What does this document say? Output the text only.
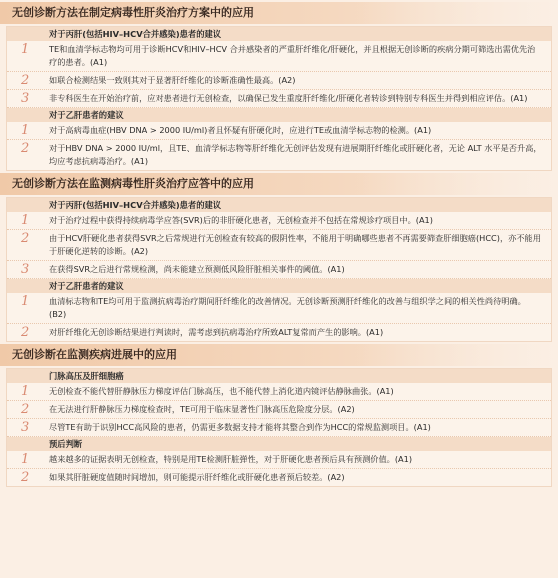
无创诊断方法在制定病毒性肝炎治疗方案中的应用
对于丙肝(包括HIV–HCV合并感染)患者的建议
1 TE和血清学标志物均可用于诊断HCV和HIV–HCV 合并感染者的严重肝纤维化/肝硬化，并且根据无创诊断的疾病分期可筛选出需优先治疗的患者。(A1)
2 如联合检测结果一致则其对于显著肝纤维化的诊断准确性最高。(A2)
3 非专科医生在开始治疗前，应对患者进行无创检查，以确保已发生重度肝纤维化/肝硬化者转诊到特别专科医生并得到相应评估。(A1)
对于乙肝患者的建议
1 对于高病毒血症(HBV DNA > 2000 IU/ml)者且怀疑有肝硬化时，应进行TE或血清学标志物的检测。(A1)
2 对于HBV DNA > 2000 IU/ml，且TE、血清学标志物等肝纤维化无创评估发现有进展期肝纤维化或肝硬化者，无论 ALT 水平是否升高，均应考虑抗病毒治疗。(A1)
无创诊断方法在监测病毒性肝炎治疗应答中的应用
对于丙肝(包括HIV–HCV合并感染)患者的建议
1 对于治疗过程中获得持续病毒学应答(SVR)后的非肝硬化患者，无创检查并不包括在常规诊疗项目中。(A1)
2 由于HCV肝硬化患者获得SVR之后常规进行无创检查有较高的假阴性率，不能用于明确哪些患者不再需要筛查肝细胞癌(HCC)，亦不能用于肝硬化逆转的诊断。(A2)
3 在获得SVR之后进行常规检测，尚未能建立预测低风险肝脏相关事件的阈值。(A1)
对于乙肝患者的建议
1 血清标志物和TE均可用于监测抗病毒治疗期间肝纤维化的改善情况。无创诊断预测肝纤维化的改善与组织学之间的相关性尚待明确。(B2)
2 对肝纤维化无创诊断结果进行判读时，需考虑到抗病毒治疗所致ALT复常而产生的影响。(A1)
无创诊断在监测疾病进展中的应用
门脉高压及肝细胞癌
1 无创检查不能代替肝静脉压力梯度评估门脉高压，也不能代替上消化道内镜评估静脉曲张。(A1)
2 在无法进行肝静脉压力梯度检查时，TE可用于临床显著性门脉高压危险度分层。(A2)
3 尽管TE有助于识别HCC高风险的患者，仍需更多数据支持才能将其整合到作为HCC的常规监测项目。(A1)
预后判断
1 越来越多的证据表明无创检查，特别是用TE检测肝脏弹性，对于肝硬化患者预后具有预测价值。(A1)
2 如果其肝脏硬度值随时间增加，则可能提示肝纤维化或肝硬化患者预后较差。(A2)
